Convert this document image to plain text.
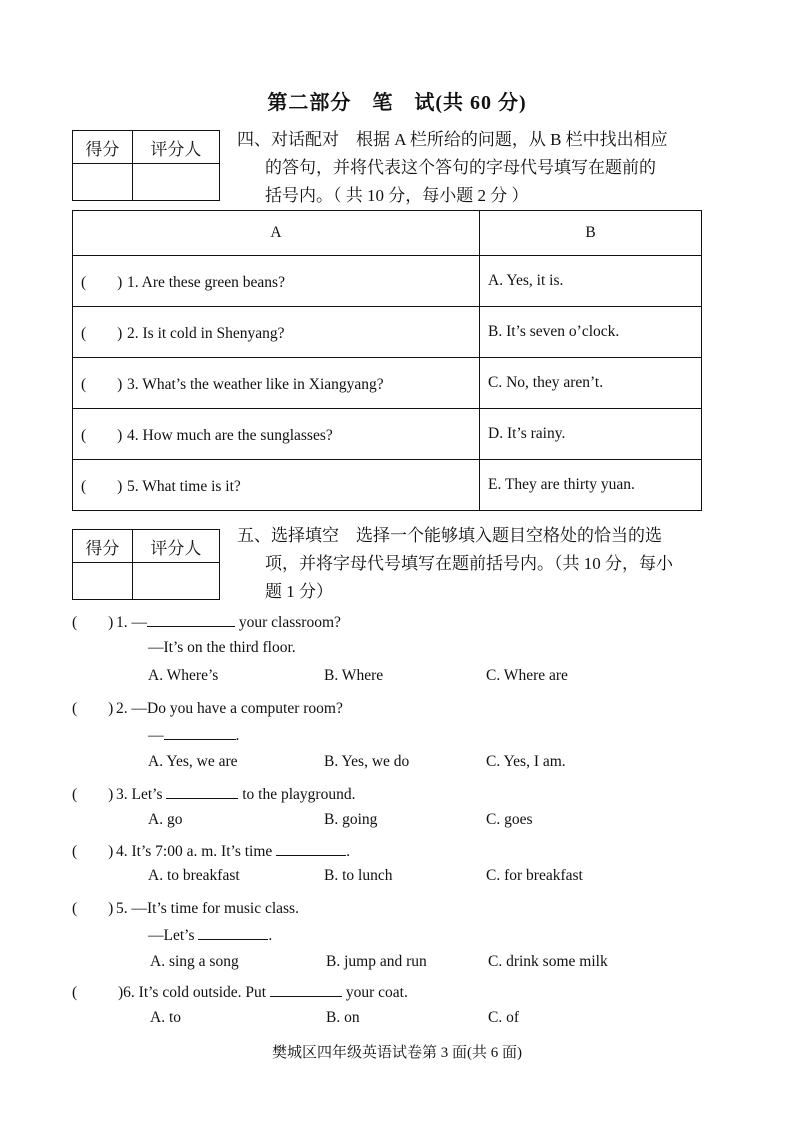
第二部分　笔　试(共 60 分)
得分	评分人
	四、对话配对　根据 A 栏所给的问题，从 B 栏中找出相应
的答句，并将代表这个答句的字母代号填写在题前的
括号内。（ 共 10 分，每小题 2 分 ）
A	B
(　　) 1. Are these green beans?	A. Yes, it is.
(　　) 2. Is it cold in Shenyang?	B. It’s seven o’clock.
(　　) 3. What’s the weather like in Xiangyang?	C. No, they aren’t.
(　　) 4. How much are the sunglasses?	D. It’s rainy.
(　　) 5. What time is it?	E. They are thirty yuan.
得分	评分人

五、选择填空　选择一个能够填入题目空格处的恰当的选
项，并将字母代号填写在题前括号内。（共 10 分，每小
题 1 分）
(　　) 1. —	your classroom?
—It’s on the third floor.
A. Where’s	B. Where	C. Where are
(　　) 2. —Do you have a computer room?
—	.
A. Yes, we are	B. Yes, we do	C. Yes, I am.
(　　) 3. Let’s	to the playground.
A. go	B. going	C. goes
(　　) 4. It’s 7:00 a. m. It’s time	.
A. to breakfast	B. to lunch	C. for breakfast
(　　) 5. —It’s time for music class.
—Let’s	.
A. sing a song	B. jump and run	C. drink some milk
(	)6. It’s cold outside. Put	your coat.
A. to	B. on	C. of
樊城区四年级英语试卷第 3 面(共 6 面)
